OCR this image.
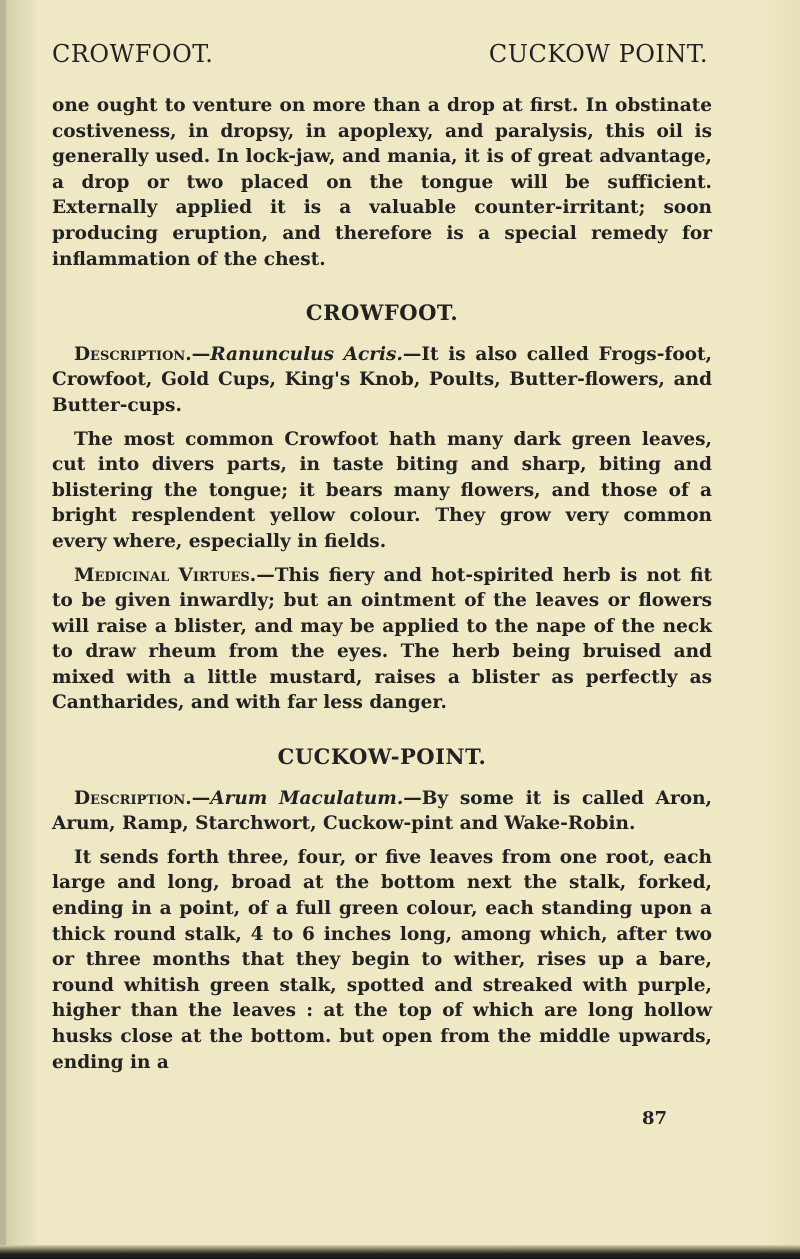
CROWFOOT.	CUCKOW POINT.

one ought to venture on more than a drop at first. In obstinate costiveness, in dropsy, in apoplexy, and paralysis, this oil is generally used. In lock-jaw, and mania, it is of great advantage, a drop or two placed on the tongue will be sufficient. Externally applied it is a valuable counter-irritant; soon producing eruption, and therefore is a special remedy for inflammation of the chest.

CROWFOOT.

Description.—Ranunculus Acris.—It is also called Frogs-foot, Crowfoot, Gold Cups, King's Knob, Poults, Butter-flowers, and Butter-cups.

The most common Crowfoot hath many dark green leaves, cut into divers parts, in taste biting and sharp, biting and blistering the tongue; it bears many flowers, and those of a bright resplendent yellow colour. They grow very common every where, especially in fields.

Medicinal Virtues.—This fiery and hot-spirited herb is not fit to be given inwardly; but an ointment of the leaves or flowers will raise a blister, and may be applied to the nape of the neck to draw rheum from the eyes. The herb being bruised and mixed with a little mustard, raises a blister as perfectly as Cantharides, and with far less danger.

CUCKOW-POINT.

Description.—Arum Maculatum.—By some it is called Aron, Arum, Ramp, Starchwort, Cuckow-pint and Wake-Robin.

It sends forth three, four, or five leaves from one root, each large and long, broad at the bottom next the stalk, forked, ending in a point, of a full green colour, each standing upon a thick round stalk, 4 to 6 inches long, among which, after two or three months that they begin to wither, rises up a bare, round whitish green stalk, spotted and streaked with purple, higher than the leaves : at the top of which are long hollow husks close at the bottom. but open from the middle upwards, ending in a

87
